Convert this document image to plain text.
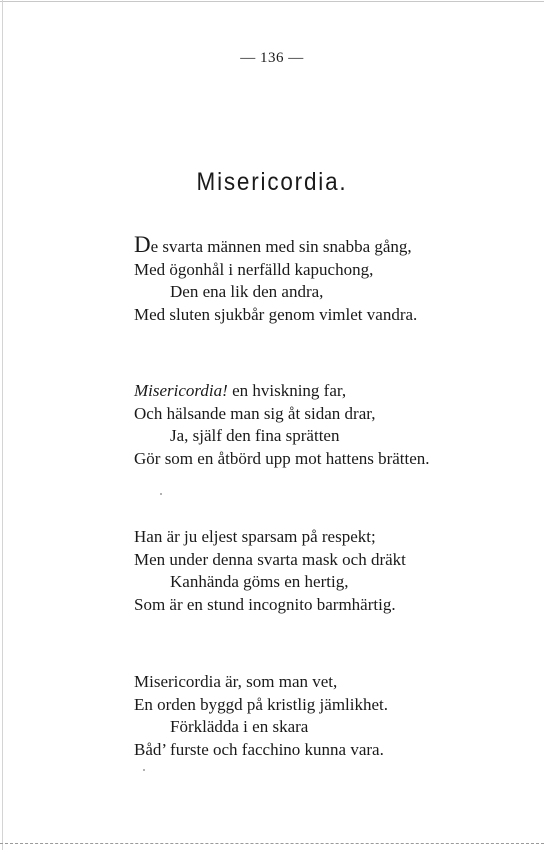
— 136 —
Misericordia.
De svarta männen med sin snabba gång,
Med ögonhål i nerfälld kapuchong,
Den ena lik den andra,
Med sluten sjukbår genom vimlet vandra.
Misericordia! en hviskning far,
Och hälsande man sig åt sidan drar,
Ja, själf den fina sprätten
Gör som en åtbörd upp mot hattens brätten.
Han är ju eljest sparsam på respekt;
Men under denna svarta mask och dräkt
Kanhända göms en hertig,
Som är en stund incognito barmhärtig.
Misericordia är, som man vet,
En orden byggd på kristlig jämlikhet.
Förklädda i en skara
Båd’ furste och facchino kunna vara.
